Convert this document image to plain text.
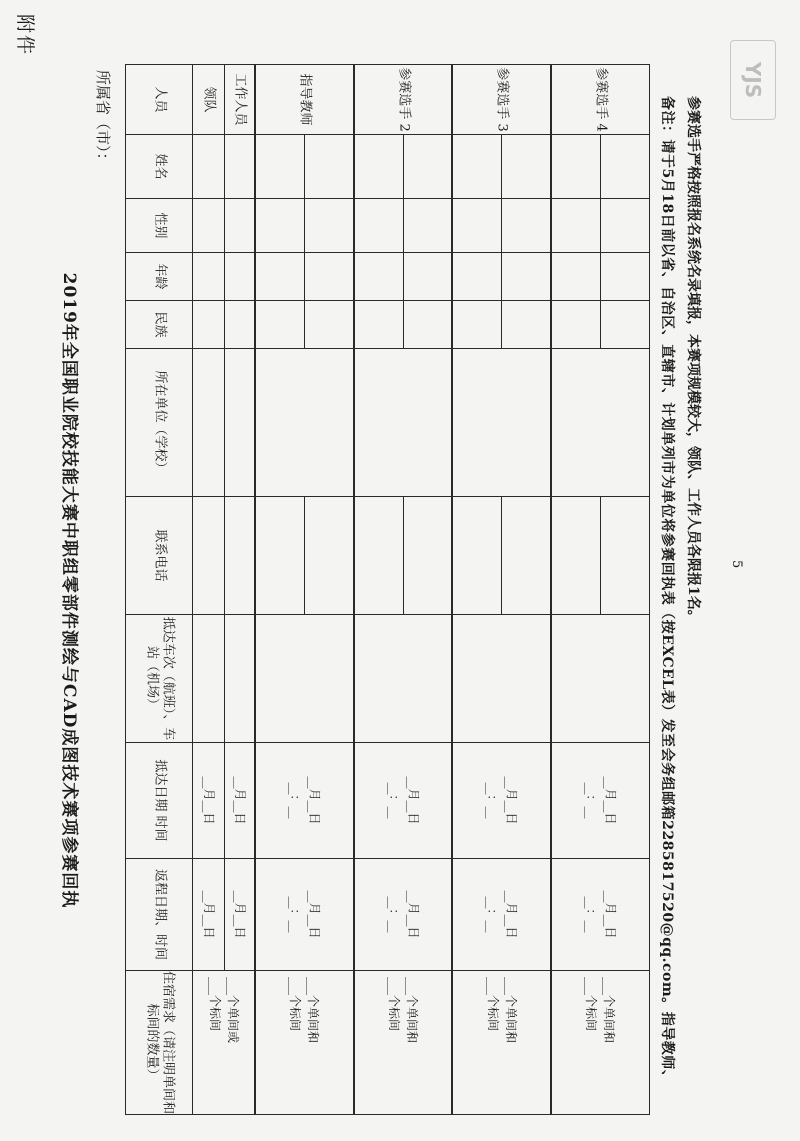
附件
2019年全国职业院校技能大赛中职组零部件测绘与CAD成图技术赛项参赛回执
所属省（市）：	人员	姓名	性别	年龄	民族	所在单位（学校）	联系电话	抵达车次（航班）、车站（机场）	抵达日期 时间	返程日期、时间	住宿需求（请注明单间和标间的数量）
领队								__月__日	__月__日	___个单间或
___个标间
工作人员								__月__日	__月__日	
指导教师								__月__日
__：__	__月__日
__：__	___个单间和
___个标间

参赛选手 2								__月__日
__：__	__月__日
__：__	___个单间和
___个标间

参赛选手 3								__月__日
__：__	__月__日
__：__	___个单间和
___个标间

参赛选手 4								__月__日
__：__	__月__日
__：__	___个单间和
___个标间
					备注：请于5月18日前以省、自治区、直辖市、计划单列市为单位将参赛回执表（按EXCEL表）发至会务组邮箱2285817520@qq.com。指导教师、 参赛选手严格按照报名系统名录填报，本赛项规模较大，领队、工作人员各限报1名。 5
YJS
